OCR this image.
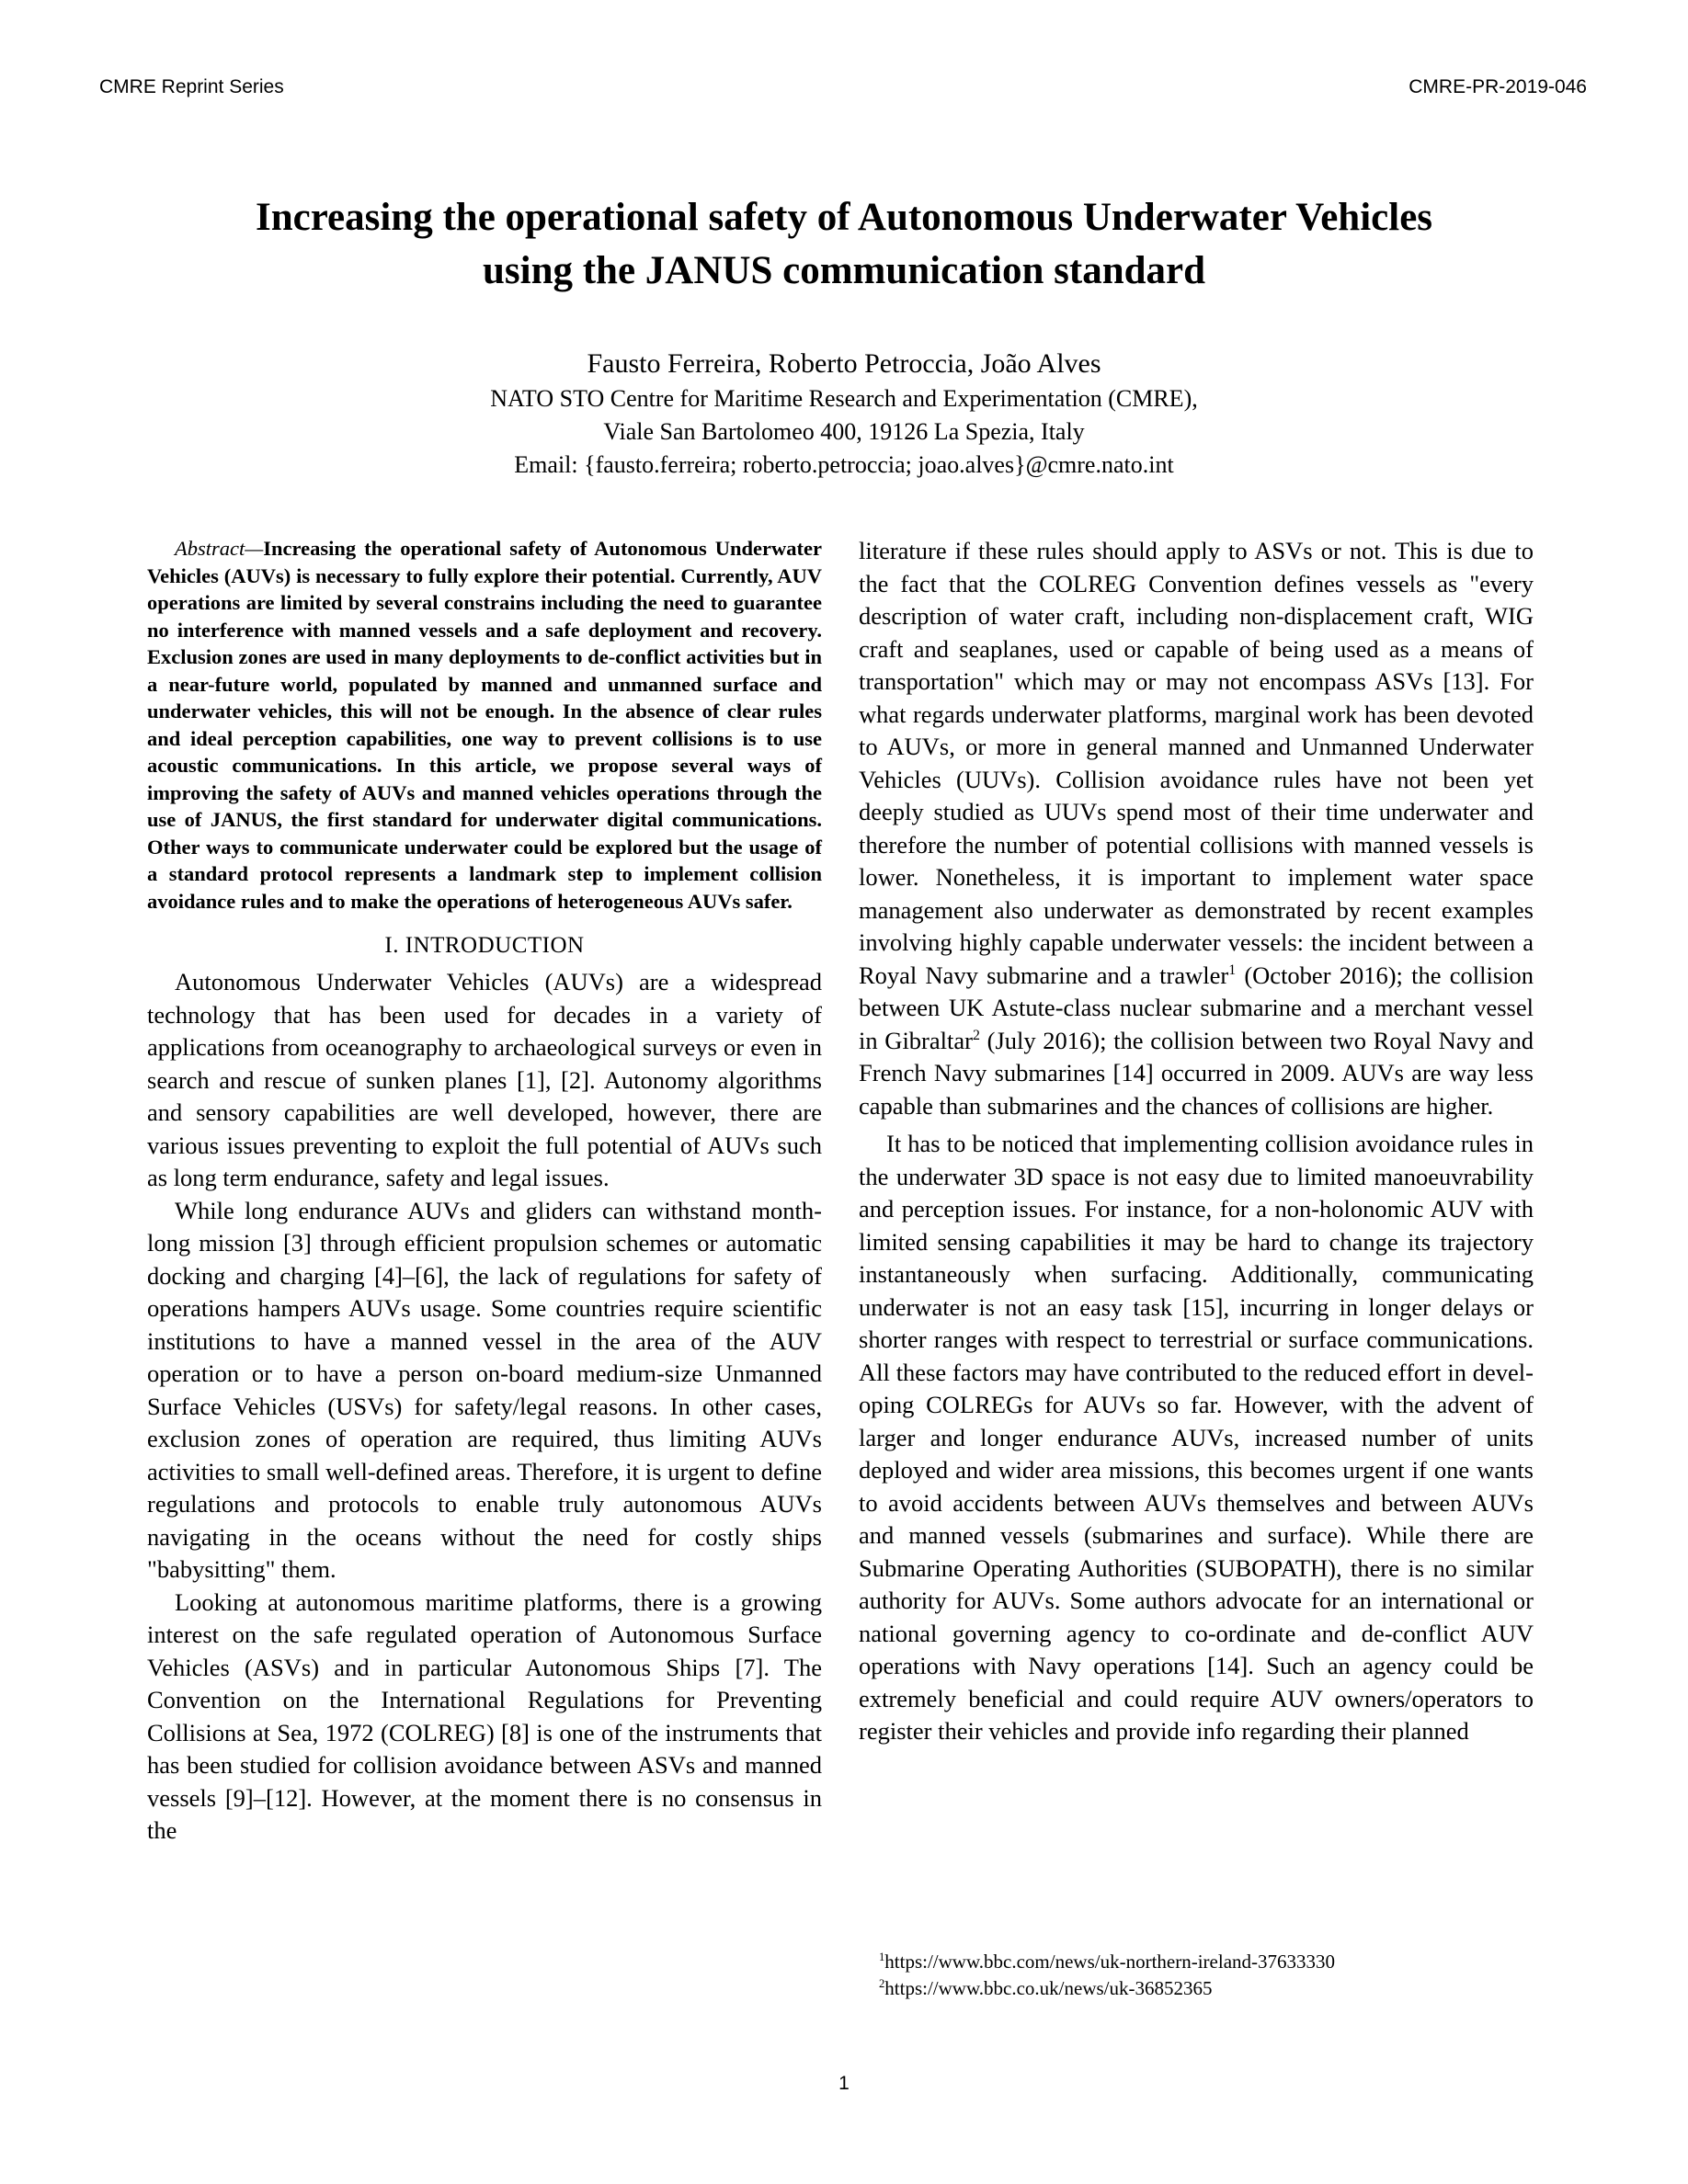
CMRE Reprint Series	CMRE-PR-2019-046
Increasing the operational safety of Autonomous Underwater Vehicles
using the JANUS communication standard
Fausto Ferreira, Roberto Petroccia, João Alves
NATO STO Centre for Maritime Research and Experimentation (CMRE),
Viale San Bartolomeo 400, 19126 La Spezia, Italy
Email: {fausto.ferreira; roberto.petroccia; joao.alves}@cmre.nato.int

Abstract—Increasing the operational safety of Autonomous Underwater Vehicles (AUVs) is necessary to fully explore their potential. Currently, AUV operations are limited by several constrains including the need to guarantee no interference with manned vessels and a safe deployment and recovery. Exclusion zones are used in many deployments to de-conflict activities but in a near-future world, populated by manned and unmanned surface and underwater vehicles, this will not be enough. In the absence of clear rules and ideal perception capabilities, one way to prevent collisions is to use acoustic communications. In this article, we propose several ways of improving the safety of AUVs and manned vehicles operations through the use of JANUS, the first standard for underwater digital communications. Other ways to communicate underwater could be explored but the usage of a standard protocol represents a landmark step to implement collision avoidance rules and to make the operations of heterogeneous AUVs safer.

I. INTRODUCTION

Autonomous Underwater Vehicles (AUVs) are a widespread technology that has been used for decades in a variety of applications from oceanography to archaeological surveys or even in search and rescue of sunken planes [1], [2]. Autonomy algorithms and sensory capabilities are well developed, however, there are various issues preventing to exploit the full potential of AUVs such as long term endurance, safety and legal issues.

While long endurance AUVs and gliders can withstand month-long mission [3] through efficient propulsion schemes or automatic docking and charging [4]–[6], the lack of regulations for safety of operations hampers AUVs usage. Some countries require scientific institutions to have a manned vessel in the area of the AUV operation or to have a person on-board medium-size Unmanned Surface Vehicles (USVs) for safety/legal reasons. In other cases, exclusion zones of operation are required, thus limiting AUVs activities to small well-defined areas. Therefore, it is urgent to define regulations and protocols to enable truly autonomous AUVs navigating in the oceans without the need for costly ships "babysitting" them.

Looking at autonomous maritime platforms, there is a growing interest on the safe regulated operation of Autonomous Surface Vehicles (ASVs) and in particular Autonomous Ships [7]. The Convention on the International Regulations for Preventing Collisions at Sea, 1972 (COLREG) [8] is one of the instruments that has been studied for collision avoidance between ASVs and manned vessels [9]–[12]. However, at the moment there is no consensus in the

literature if these rules should apply to ASVs or not. This is due to the fact that the COLREG Convention defines vessels as "every description of water craft, including non-displacement craft, WIG craft and seaplanes, used or capable of being used as a means of transportation" which may or may not encompass ASVs [13]. For what regards underwater platforms, marginal work has been devoted to AUVs, or more in general manned and Unmanned Underwater Vehicles (UUVs). Collision avoidance rules have not been yet deeply studied as UUVs spend most of their time underwater and therefore the number of potential collisions with manned vessels is lower. Nonetheless, it is important to implement water space management also underwater as demonstrated by recent examples involving highly capable underwater vessels: the incident between a Royal Navy submarine and a trawler$^1$ (October 2016); the collision between UK Astute-class nuclear submarine and a merchant vessel in Gibraltar$^2$ (July 2016); the collision between two Royal Navy and French Navy submarines [14] occurred in 2009. AUVs are way less capable than submarines and the chances of collisions are higher.

It has to be noticed that implementing collision avoidance rules in the underwater 3D space is not easy due to limited manoeuvrability and perception issues. For instance, for a non-holonomic AUV with limited sensing capabilities it may be hard to change its trajectory instantaneously when surfacing. Additionally, communicating underwater is not an easy task [15], incurring in longer delays or shorter ranges with respect to terrestrial or surface communications. All these factors may have contributed to the reduced effort in developing COLREGs for AUVs so far. However, with the advent of larger and longer endurance AUVs, increased number of units deployed and wider area missions, this becomes urgent if one wants to avoid accidents between AUVs themselves and between AUVs and manned vessels (submarines and surface). While there are Submarine Operating Authorities (SUBOPATH), there is no similar authority for AUVs. Some authors advocate for an international or national governing agency to co-ordinate and de-conflict AUV operations with Navy operations [14]. Such an agency could be extremely beneficial and could require AUV owners/operators to register their vehicles and provide info regarding their planned

$^1$https://www.bbc.com/news/uk-northern-ireland-37633330
$^2$https://www.bbc.co.uk/news/uk-36852365
1
